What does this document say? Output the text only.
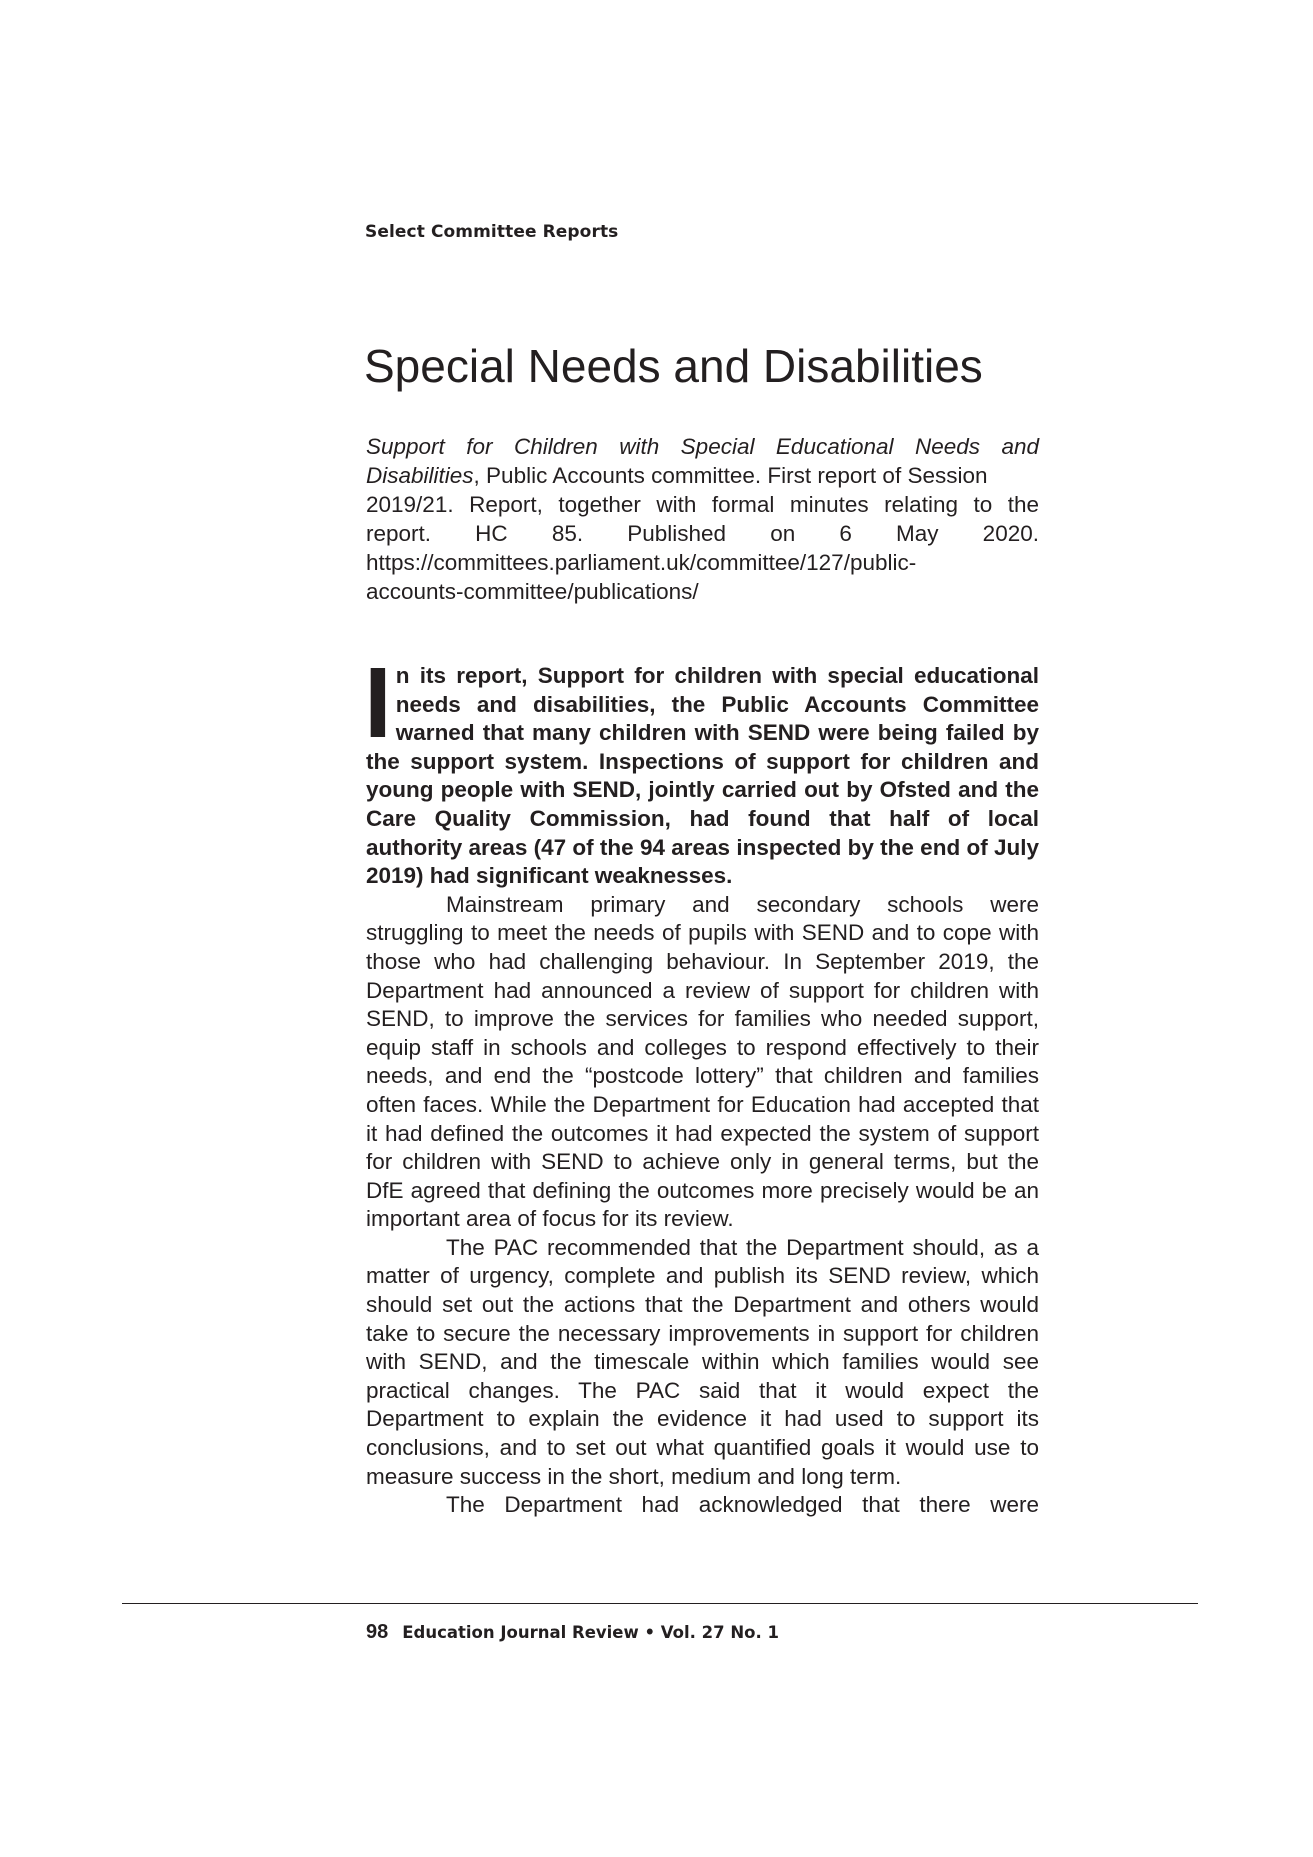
Select Committee Reports
Special Needs and Disabilities
Support for Children with Special Educational Needs and
Disabilities, Public Accounts committee. First report of Session
2019/21. Report, together with formal minutes relating to the
report. HC 85. Published on 6 May 2020.
https://committees.parliament.uk/committee/127/public-
accounts-committee/publications/

In its report, Support for children with special educational needs and disabilities, the Public Accounts Committee warned that many children with SEND were being failed by the support system. Inspections of support for children and young people with SEND, jointly carried out by Ofsted and the Care Quality Commission, had found that half of local authority areas (47 of the 94 areas inspected by the end of July 2019) had significant weaknesses.

Mainstream primary and secondary schools were struggling to meet the needs of pupils with SEND and to cope with those who had challenging behaviour. In September 2019, the Department had announced a review of support for children with SEND, to improve the services for families who needed support, equip staff in schools and colleges to respond effectively to their needs, and end the “postcode lottery” that children and families often faces. While the Department for Education had accepted that it had defined the outcomes it had expected the system of support for children with SEND to achieve only in general terms, but the DfE agreed that defining the outcomes more precisely would be an important area of focus for its review.

The PAC recommended that the Department should, as a matter of urgency, complete and publish its SEND review, which should set out the actions that the Department and others would take to secure the necessary improvements in support for children with SEND, and the timescale within which families would see practical changes. The PAC said that it would expect the Department to explain the evidence it had used to support its conclusions, and to set out what quantified goals it would use to measure success in the short, medium and long term.

The Department had acknowledged that there were

98 Education Journal Review • Vol. 27 No. 1
